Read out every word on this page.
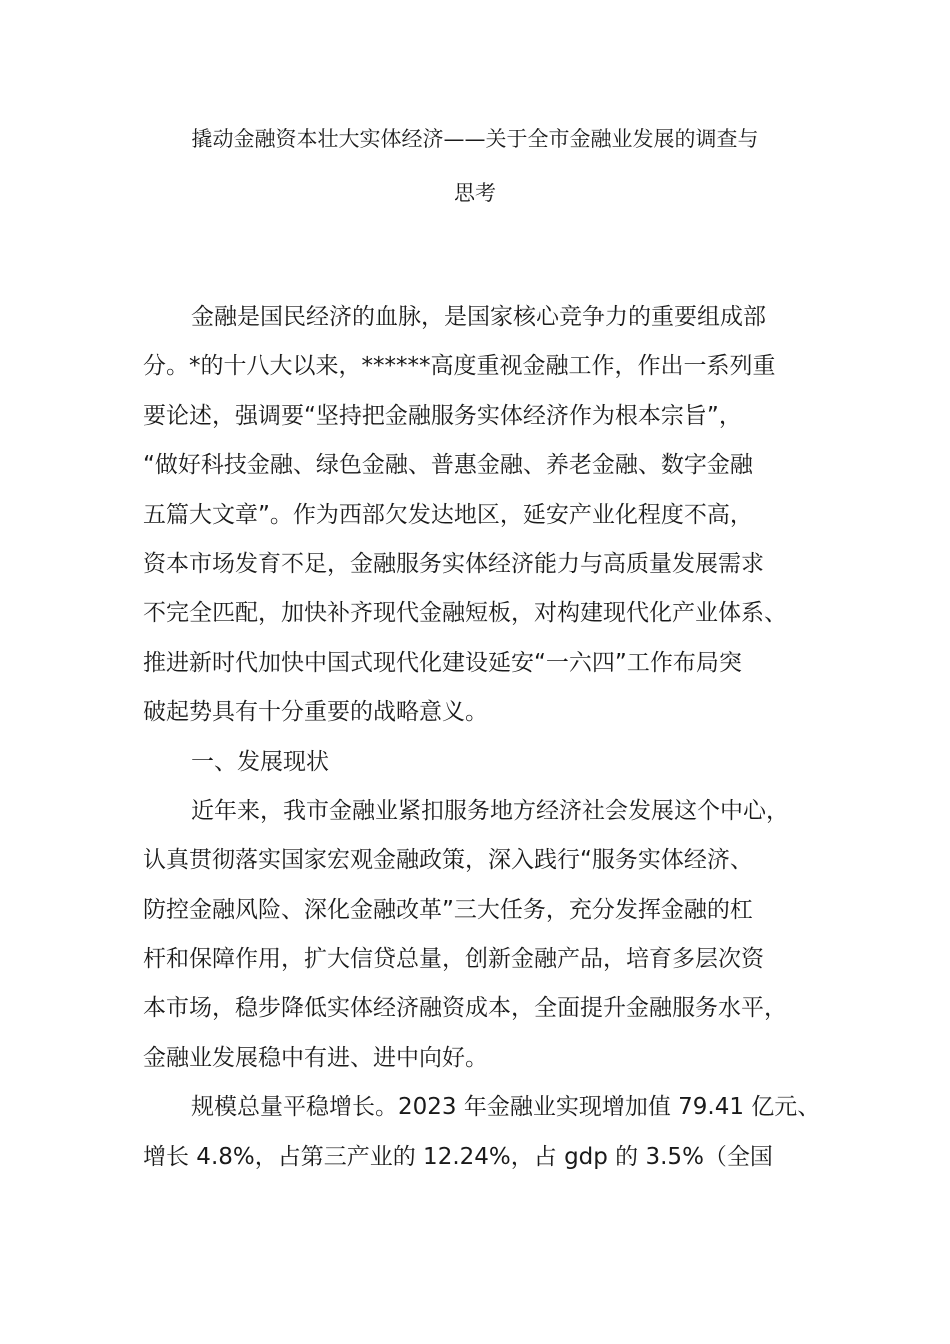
撬动金融资本壮大实体经济——关于全市金融业发展的调查与
思考

金融是国民经济的血脉，是国家核心竞争力的重要组成部

分。*的十八大以来，******高度重视金融工作，作出一系列重

要论述，强调要“坚持把金融服务实体经济作为根本宗旨”，

“做好科技金融、绿色金融、普惠金融、养老金融、数字金融

五篇大文章”。作为西部欠发达地区，延安产业化程度不高，

资本市场发育不足，金融服务实体经济能力与高质量发展需求

不完全匹配，加快补齐现代金融短板，对构建现代化产业体系、

推进新时代加快中国式现代化建设延安“一六四”工作布局突

破起势具有十分重要的战略意义。

一、发展现状

近年来，我市金融业紧扣服务地方经济社会发展这个中心，

认真贯彻落实国家宏观金融政策，深入践行“服务实体经济、

防控金融风险、深化金融改革”三大任务，充分发挥金融的杠

杆和保障作用，扩大信贷总量，创新金融产品，培育多层次资

本市场，稳步降低实体经济融资成本，全面提升金融服务水平，

金融业发展稳中有进、进中向好。

规模总量平稳增长。2023 年金融业实现增加值 79.41 亿元、

增长 4.8%，占第三产业的 12.24%，占 gdp 的 3.5%（全国
